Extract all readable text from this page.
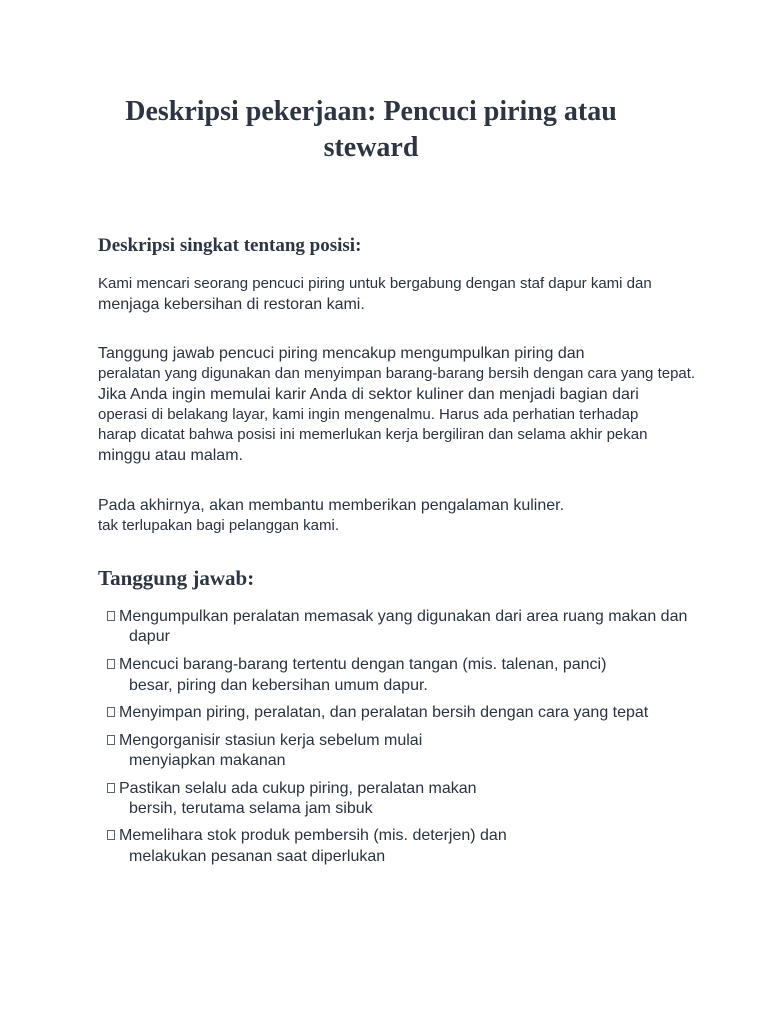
Deskripsi pekerjaan: Pencuci piring atau
steward
Deskripsi singkat tentang posisi:
Kami mencari seorang pencuci piring untuk bergabung dengan staf dapur kami dan
menjaga kebersihan di restoran kami.
Tanggung jawab pencuci piring mencakup mengumpulkan piring dan
peralatan yang digunakan dan menyimpan barang-barang bersih dengan cara yang tepat.
Jika Anda ingin memulai karir Anda di sektor kuliner dan menjadi bagian dari
operasi di belakang layar, kami ingin mengenalmu. Harus ada perhatian terhadap
harap dicatat bahwa posisi ini memerlukan kerja bergiliran dan selama akhir pekan
minggu atau malam.
Pada akhirnya, akan membantu memberikan pengalaman kuliner.
tak terlupakan bagi pelanggan kami.
Tanggung jawab:
Mengumpulkan peralatan memasak yang digunakan dari area ruang makan dan
dapur
Mencuci barang-barang tertentu dengan tangan (mis. talenan, panci)
besar, piring dan kebersihan umum dapur.
Menyimpan piring, peralatan, dan peralatan bersih dengan cara yang tepat
Mengorganisir stasiun kerja sebelum mulai
menyiapkan makanan
Pastikan selalu ada cukup piring, peralatan makan
bersih, terutama selama jam sibuk
Memelihara stok produk pembersih (mis. deterjen) dan
melakukan pesanan saat diperlukan
